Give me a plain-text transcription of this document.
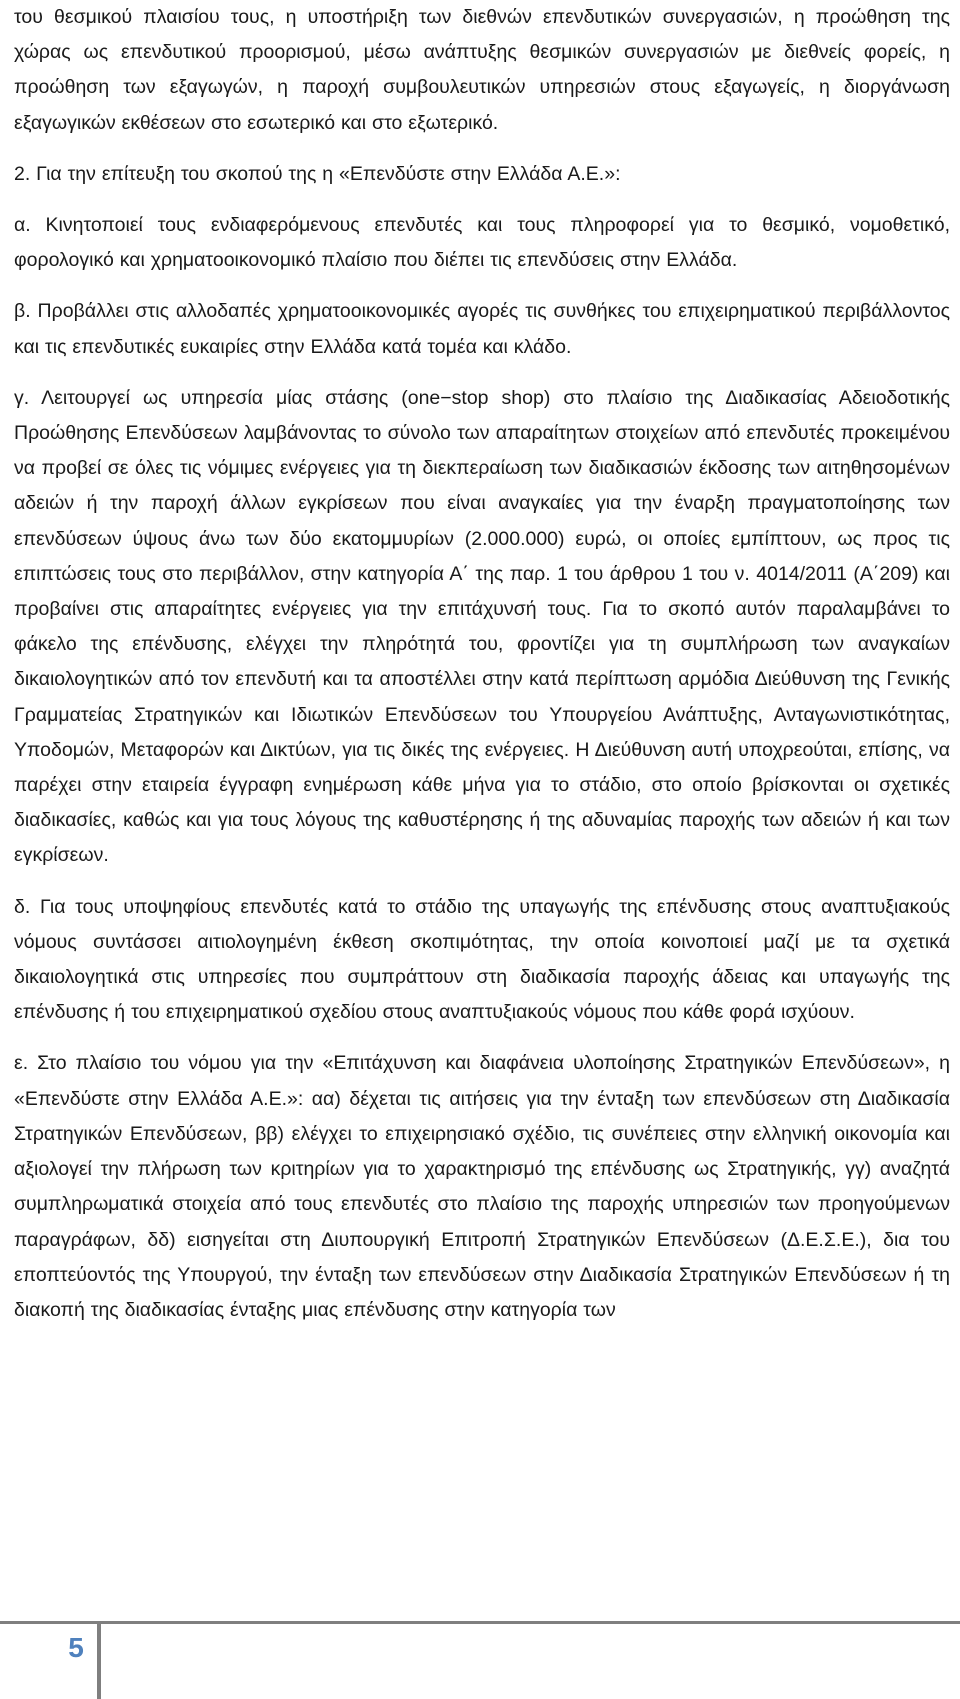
του θεσμικού πλαισίου τους, η υποστήριξη των διεθνών επενδυτικών συνεργασιών, η προώθηση της χώρας ως επενδυτικού προορισμού, μέσω ανάπτυξης θεσμικών συνεργασιών με διεθνείς φορείς, η προώθηση των εξαγωγών, η παροχή συμβουλευτικών υπηρεσιών στους εξαγωγείς, η διοργάνωση εξαγωγικών εκθέσεων στο εσωτερικό και στο εξωτερικό.

2. Για την επίτευξη του σκοπού της η «Επενδύστε στην Ελλάδα Α.Ε.»:

α. Κινητοποιεί τους ενδιαφερόμενους επενδυτές και τους πληροφορεί για το θεσμικό, νομοθετικό, φορολογικό και χρηματοοικονομικό πλαίσιο που διέπει τις επενδύσεις στην Ελλάδα.

β. Προβάλλει στις αλλοδαπές χρηματοοικονομικές αγορές τις συνθήκες του επιχειρηματικού περιβάλλοντος και τις επενδυτικές ευκαιρίες στην Ελλάδα κατά τομέα και κλάδο.

γ. Λειτουργεί ως υπηρεσία μίας στάσης (one−stop shop) στο πλαίσιο της Διαδικασίας Αδειοδοτικής Προώθησης Επενδύσεων λαμβάνοντας το σύνολο των απαραίτητων στοιχείων από επενδυτές προκειμένου να προβεί σε όλες τις νόμιμες ενέργειες για τη διεκπεραίωση των διαδικασιών έκδοσης των αιτηθησομένων αδειών ή την παροχή άλλων εγκρίσεων που είναι αναγκαίες για την έναρξη πραγματοποίησης των επενδύσεων ύψους άνω των δύο εκατομμυρίων (2.000.000) ευρώ, οι οποίες εμπίπτουν, ως προς τις επιπτώσεις τους στο περιβάλλον, στην κατηγορία Α΄ της παρ. 1 του άρθρου 1 του ν. 4014/2011 (Α΄209) και προβαίνει στις απαραίτητες ενέργειες για την επιτάχυνσή τους. Για το σκοπό αυτόν παραλαμβάνει το φάκελο της επένδυσης, ελέγχει την πληρότητά του, φροντίζει για τη συμπλήρωση των αναγκαίων δικαιολογητικών από τον επενδυτή και τα αποστέλλει στην κατά περίπτωση αρμόδια Διεύθυνση της Γενικής Γραμματείας Στρατηγικών και Ιδιωτικών Επενδύσεων του Υπουργείου Ανάπτυξης, Ανταγωνιστικότητας, Υποδομών, Μεταφορών και Δικτύων, για τις δικές της ενέργειες. Η Διεύθυνση αυτή υποχρεούται, επίσης, να παρέχει στην εταιρεία έγγραφη ενημέρωση κάθε μήνα για το στάδιο, στο οποίο βρίσκονται οι σχετικές διαδικασίες, καθώς και για τους λόγους της καθυστέρησης ή της αδυναμίας παροχής των αδειών ή και των εγκρίσεων.

δ. Για τους υποψηφίους επενδυτές κατά το στάδιο της υπαγωγής της επένδυσης στους αναπτυξιακούς νόμους συντάσσει αιτιολογημένη έκθεση σκοπιμότητας, την οποία κοινοποιεί μαζί με τα σχετικά δικαιολογητικά στις υπηρεσίες που συμπράττουν στη διαδικασία παροχής άδειας και υπαγωγής της επένδυσης ή του επιχειρηματικού σχεδίου στους αναπτυξιακούς νόμους που κάθε φορά ισχύουν.

ε. Στο πλαίσιο του νόμου για την «Επιτάχυνση και διαφάνεια υλοποίησης Στρατηγικών Επενδύσεων», η «Επενδύστε στην Ελλάδα Α.Ε.»: αα) δέχεται τις αιτήσεις για την ένταξη των επενδύσεων στη Διαδικασία Στρατηγικών Επενδύσεων, ββ) ελέγχει το επιχειρησιακό σχέδιο, τις συνέπειες στην ελληνική οικονομία και αξιολογεί την πλήρωση των κριτηρίων για το χαρακτηρισμό της επένδυσης ως Στρατηγικής, γγ) αναζητά συμπληρωματικά στοιχεία από τους επενδυτές στο πλαίσιο της παροχής υπηρεσιών των προηγούμενων παραγράφων, δδ) εισηγείται στη Διυπουργική Επιτροπή Στρατηγικών Επενδύσεων (Δ.Ε.Σ.Ε.), δια του εποπτεύοντός της Υπουργού, την ένταξη των επενδύσεων στην Διαδικασία Στρατηγικών Επενδύσεων ή τη διακοπή της διαδικασίας ένταξης μιας επένδυσης στην κατηγορία των

5
